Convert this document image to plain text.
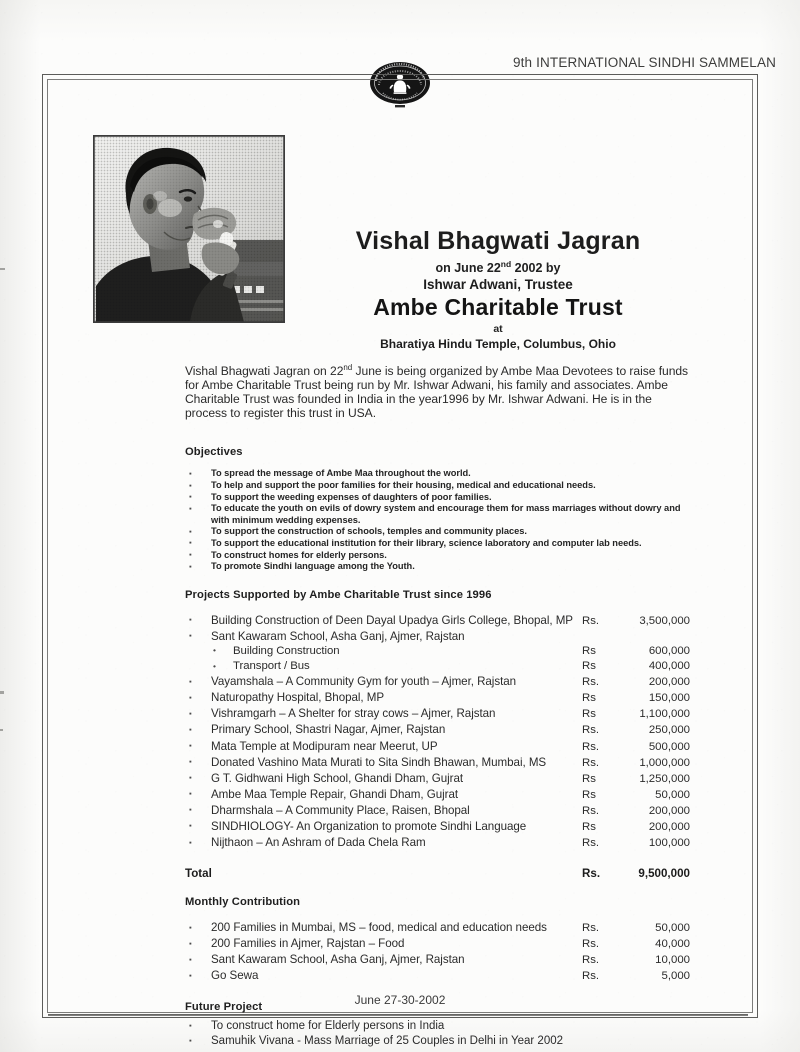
9th INTERNATIONAL SINDHI SAMMELAN
Vishal Bhagwati Jagran
on June 22nd 2002 by
Ishwar Adwani, Trustee
Ambe Charitable Trust
at
Bharatiya Hindu Temple, Columbus, Ohio

Vishal Bhagwati Jagran on 22nd June is being organized by Ambe Maa Devotees to raise funds for Ambe Charitable Trust being run by Mr. Ishwar Adwani, his family and associates. Ambe Charitable Trust was founded in India in the year1996 by Mr. Ishwar Adwani. He is in the process to register this trust in USA.

Objectives
▪ To spread the message of Ambe Maa throughout the world.
▪ To help and support the poor families for their housing, medical and educational needs.
▪ To support the weeding expenses of daughters of poor families.
▪ To educate the youth on evils of dowry system and encourage them for mass marriages without dowry and with minimum wedding expenses.
▪ To support the construction of schools, temples and community places.
▪ To support the educational institution for their library, science laboratory and computer lab needs.
▪ To construct homes for elderly persons.
▪ To promote Sindhi language among the Youth.
Projects Supported by Ambe Charitable Trust since 1996
▪ Building Construction of Deen Dayal Upadya Girls College, Bhopal, MP Rs.	3,500,000
▪ Sant Kawaram School, Asha Ganj, Ajmer, Rajstan
• Building Construction	Rs	600,000
• Transport / Bus	Rs	400,000
▪ Vayamshala – A Community Gym for youth – Ajmer, Rajstan	Rs.	200,000
▪ Naturopathy Hospital, Bhopal, MP	Rs	150,000
▪ Vishramgarh – A Shelter for stray cows – Ajmer, Rajstan	Rs	1,100,000
▪ Primary School, Shastri Nagar, Ajmer, Rajstan	Rs.	250,000
▪ Mata Temple at Modipuram near Meerut, UP	Rs.	500,000
▪ Donated Vashino Mata Murati to Sita Sindh Bhawan, Mumbai, MS	Rs.	1,000,000
▪ G T. Gidhwani High School, Ghandi Dham, Gujrat	Rs	1,250,000
▪ Ambe Maa Temple Repair, Ghandi Dham, Gujrat	Rs	50,000
▪ Dharmshala – A Community Place, Raisen, Bhopal	Rs.	200,000
▪ SINDHIOLOGY- An Organization to promote Sindhi Language	Rs	200,000
▪ Nijthaon – An Ashram of Dada Chela Ram	Rs.	100,000
Total	Rs.	9,500,000
Monthly Contribution
▪ 200 Families in Mumbai, MS – food, medical and education needs	Rs.	50,000
▪ 200 Families in Ajmer, Rajstan – Food	Rs.	40,000
▪ Sant Kawaram School, Asha Ganj, Ajmer, Rajstan	Rs.	10,000
▪ Go Sewa	Rs.	5,000
Future Project
▪ To construct home for Elderly persons in India
▪ Samuhik Vivana - Mass Marriage of 25 Couples in Delhi in Year 2002
June 27-30-2002
